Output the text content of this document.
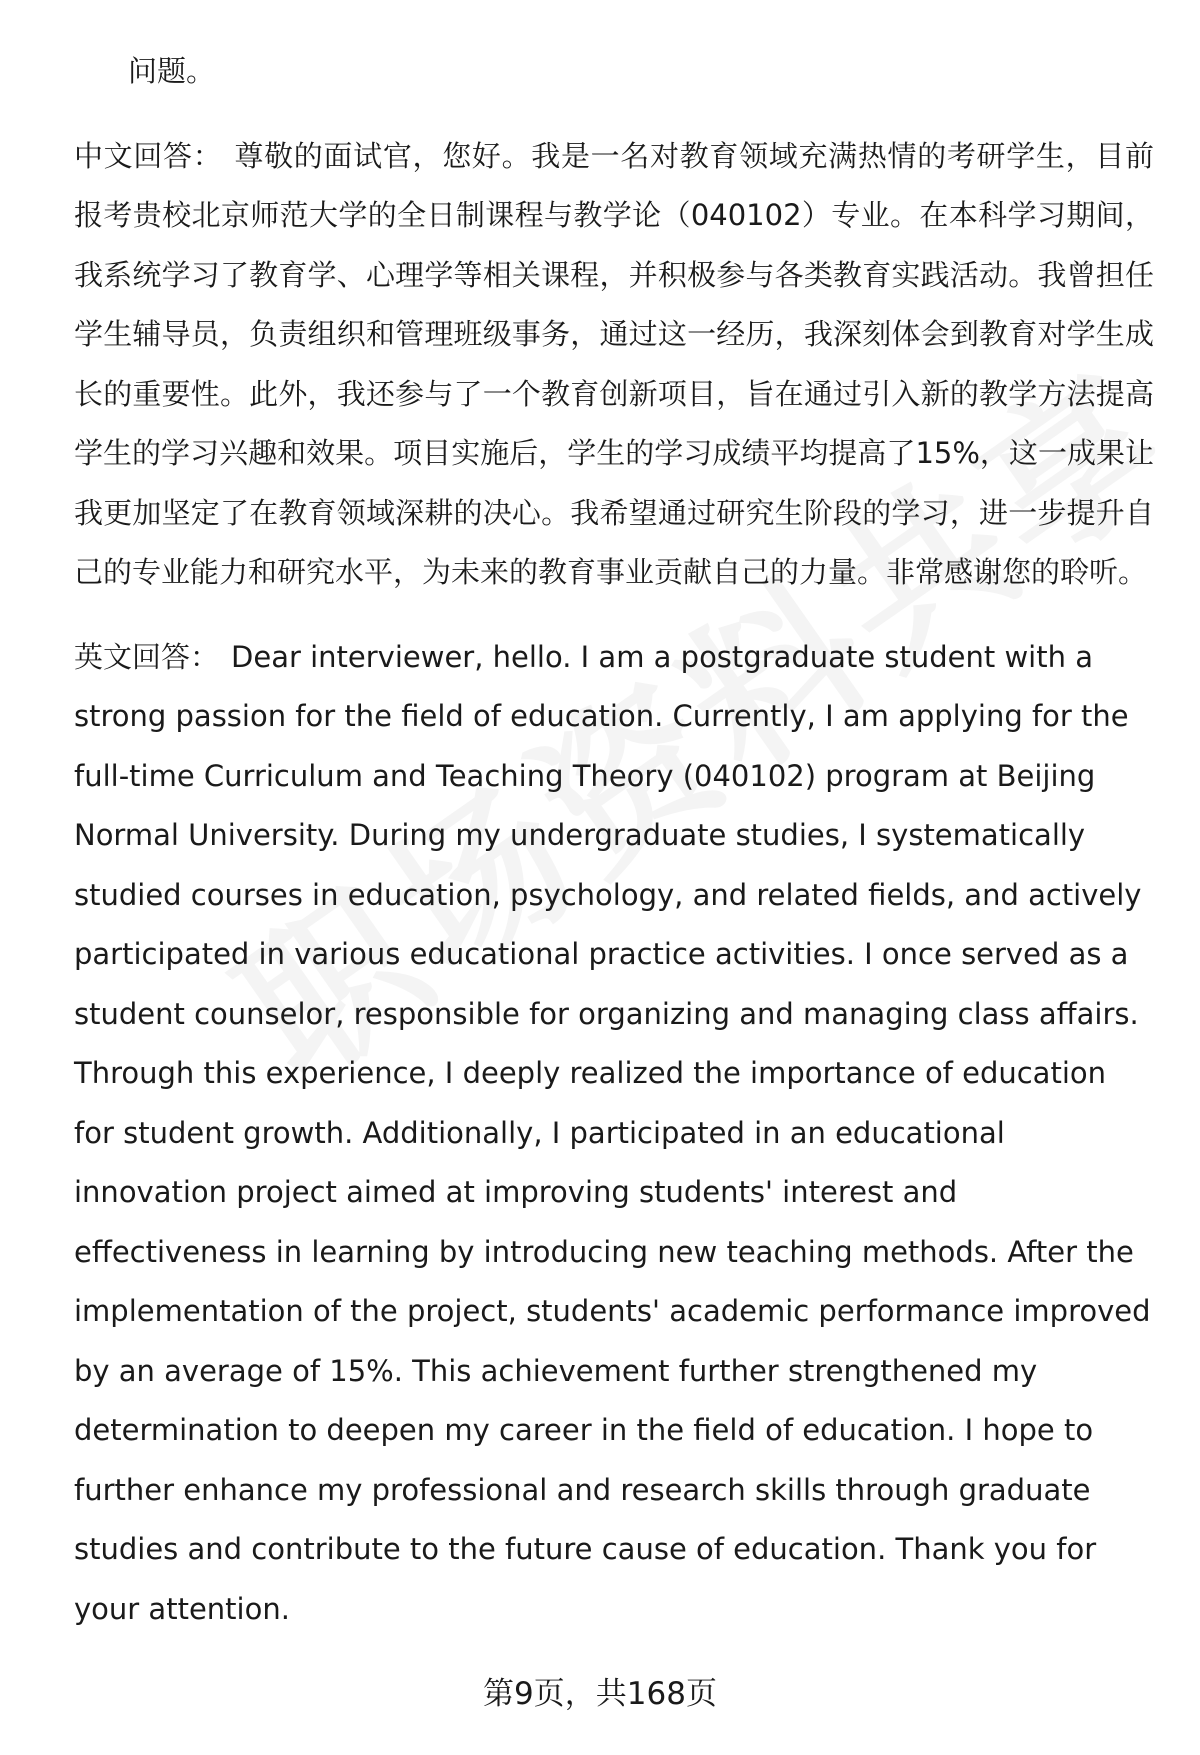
问题。

中文回答： 尊敬的面试官，您好。我是一名对教育领域充满热情的考研学生，目前报考贵校北京师范大学的全日制课程与教学论（040102）专业。在本科学习期间，我系统学习了教育学、心理学等相关课程，并积极参与各类教育实践活动。我曾担任学生辅导员，负责组织和管理班级事务，通过这一经历，我深刻体会到教育对学生成长的重要性。此外，我还参与了一个教育创新项目，旨在通过引入新的教学方法提高学生的学习兴趣和效果。项目实施后，学生的学习成绩平均提高了15%，这一成果让我更加坚定了在教育领域深耕的决心。我希望通过研究生阶段的学习，进一步提升自己的专业能力和研究水平，为未来的教育事业贡献自己的力量。非常感谢您的聆听。

英文回答： Dear interviewer, hello. I am a postgraduate student with a strong passion for the field of education. Currently, I am applying for the full-time Curriculum and Teaching Theory (040102) program at Beijing Normal University. During my undergraduate studies, I systematically studied courses in education, psychology, and related fields, and actively participated in various educational practice activities. I once served as a student counselor, responsible for organizing and managing class affairs. Through this experience, I deeply realized the importance of education for student growth. Additionally, I participated in an educational innovation project aimed at improving students' interest and effectiveness in learning by introducing new teaching methods. After the implementation of the project, students' academic performance improved by an average of 15%. This achievement further strengthened my determination to deepen my career in the field of education. I hope to further enhance my professional and research skills through graduate studies and contribute to the future cause of education. Thank you for your attention.

第9页，共168页
